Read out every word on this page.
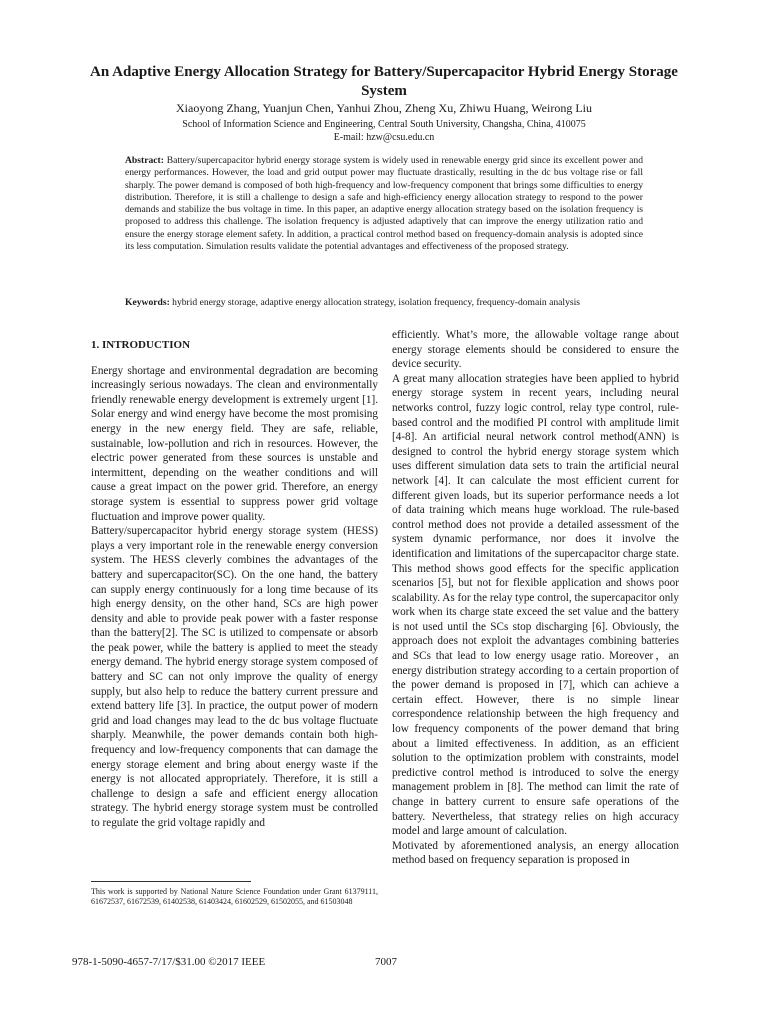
An Adaptive Energy Allocation Strategy for Battery/Supercapacitor Hybrid Energy Storage System
Xiaoyong Zhang, Yuanjun Chen, Yanhui Zhou, Zheng Xu, Zhiwu Huang, Weirong Liu
School of Information Science and Engineering, Central South University, Changsha, China, 410075
E-mail: hzw@csu.edu.cn
Abstract: Battery/supercapacitor hybrid energy storage system is widely used in renewable energy grid since its excellent power and energy performances. However, the load and grid output power may fluctuate drastically, resulting in the dc bus voltage rise or fall sharply. The power demand is composed of both high-frequency and low-frequency component that brings some difficulties to energy distribution. Therefore, it is still a challenge to design a safe and high-efficiency energy allocation strategy to respond to the power demands and stabilize the bus voltage in time. In this paper, an adaptive energy allocation strategy based on the isolation frequency is proposed to address this challenge. The isolation frequency is adjusted adaptively that can improve the energy utilization ratio and ensure the energy storage element safety. In addition, a practical control method based on frequency-domain analysis is adopted since its less computation. Simulation results validate the potential advantages and effectiveness of the proposed strategy.
Keywords: hybrid energy storage, adaptive energy allocation strategy, isolation frequency, frequency-domain analysis
1. INTRODUCTION

Energy shortage and environmental degradation are becoming increasingly serious nowadays. The clean and environmentally friendly renewable energy development is extremely urgent [1]. Solar energy and wind energy have become the most promising energy in the new energy field. They are safe, reliable, sustainable, low-pollution and rich in resources. However, the electric power generated from these sources is unstable and intermittent, depending on the weather conditions and will cause a great impact on the power grid. Therefore, an energy storage system is essential to suppress power grid voltage fluctuation and improve power quality.

Battery/supercapacitor hybrid energy storage system (HESS) plays a very important role in the renewable energy conversion system. The HESS cleverly combines the advantages of the battery and supercapacitor(SC). On the one hand, the battery can supply energy continuously for a long time because of its high energy density, on the other hand, SCs are high power density and able to provide peak power with a faster response than the battery[2]. The SC is utilized to compensate or absorb the peak power, while the battery is applied to meet the steady energy demand. The hybrid energy storage system composed of battery and SC can not only improve the quality of energy supply, but also help to reduce the battery current pressure and extend battery life [3]. In practice, the output power of modern grid and load changes may lead to the dc bus voltage fluctuate sharply. Meanwhile, the power demands contain both high-frequency and low-frequency components that can damage the energy storage element and bring about energy waste if the energy is not allocated appropriately. Therefore, it is still a challenge to design a safe and efficient energy allocation strategy. The hybrid energy storage system must be controlled to regulate the grid voltage rapidly and

efficiently. What’s more, the allowable voltage range about energy storage elements should be considered to ensure the device security.

A great many allocation strategies have been applied to hybrid energy storage system in recent years, including neural networks control, fuzzy logic control, relay type control, rule-based control and the modified PI control with amplitude limit [4-8]. An artificial neural network control method(ANN) is designed to control the hybrid energy storage system which uses different simulation data sets to train the artificial neural network [4]. It can calculate the most efficient current for different given loads, but its superior performance needs a lot of data training which means huge workload. The rule-based control method does not provide a detailed assessment of the system dynamic performance, nor does it involve the identification and limitations of the supercapacitor charge state. This method shows good effects for the specific application scenarios [5], but not for flexible application and shows poor scalability. As for the relay type control, the supercapacitor only work when its charge state exceed the set value and the battery is not used until the SCs stop discharging [6]. Obviously, the approach does not exploit the advantages combining batteries and SCs that lead to low energy usage ratio. Moreover，an energy distribution strategy according to a certain proportion of the power demand is proposed in [7], which can achieve a certain effect. However, there is no simple linear correspondence relationship between the high frequency and low frequency components of the power demand that bring about a limited effectiveness. In addition, as an efficient solution to the optimization problem with constraints, model predictive control method is introduced to solve the energy management problem in [8]. The method can limit the rate of change in battery current to ensure safe operations of the battery. Nevertheless, that strategy relies on high accuracy model and large amount of calculation.

Motivated by aforementioned analysis, an energy allocation method based on frequency separation is proposed in

This work is supported by National Nature Science Foundation under Grant 61379111, 61672537, 61672539, 61402538, 61403424, 61602529, 61502055, and 61503048
978-1-5090-4657-7/17/$31.00 ©2017 IEEE	7007
